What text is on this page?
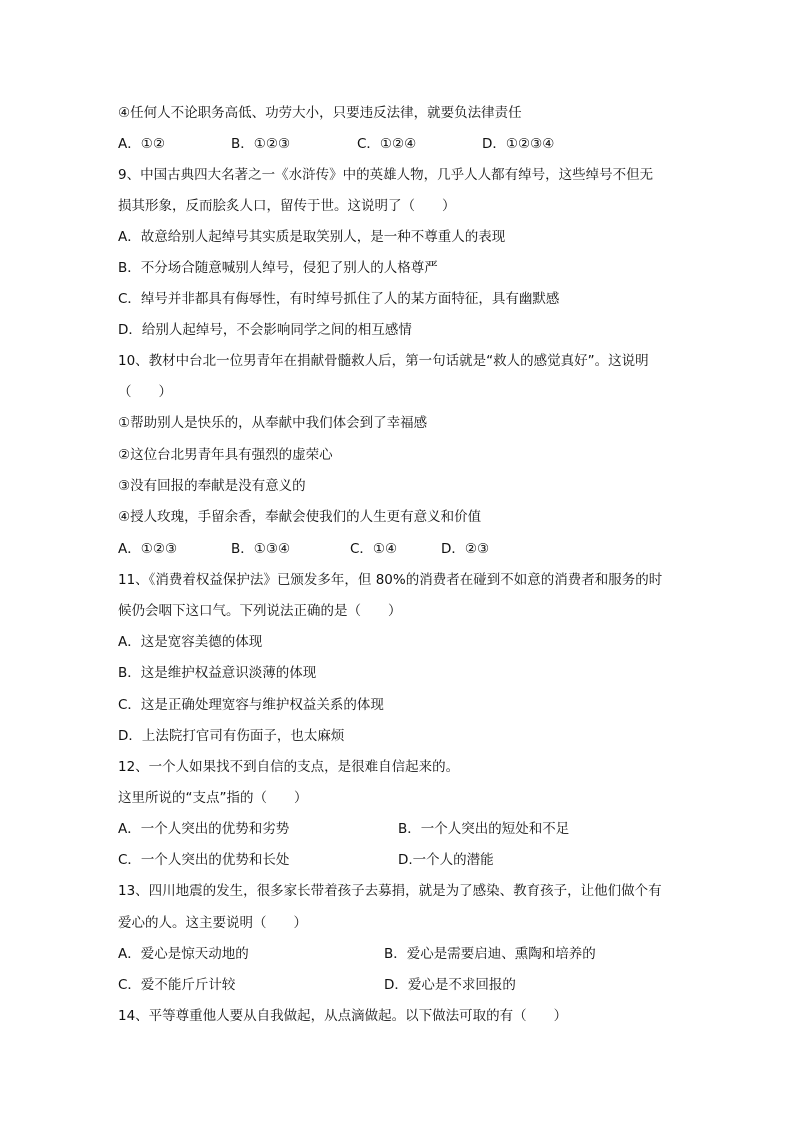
④任何人不论职务高低、功劳大小，只要违反法律，就要负法律责任
A．①②	B．①②③	C．①②④	D．①②③④
9、中国古典四大名著之一《水浒传》中的英雄人物，几乎人人都有绰号，这些绰号不但无
损其形象，反而脍炙人口，留传于世。这说明了（　　）
A．故意给别人起绰号其实质是取笑别人，是一种不尊重人的表现
B．不分场合随意喊别人绰号，侵犯了别人的人格尊严
C．绰号并非都具有侮辱性，有时绰号抓住了人的某方面特征，具有幽默感
D．给别人起绰号，不会影响同学之间的相互感情
10、教材中台北一位男青年在捐献骨髓救人后，第一句话就是“救人的感觉真好”。这说明
（　　）
①帮助别人是快乐的，从奉献中我们体会到了幸福感
②这位台北男青年具有强烈的虚荣心
③没有回报的奉献是没有意义的
④授人玫瑰，手留余香，奉献会使我们的人生更有意义和价值
A．①②③	B．①③④	C．①④	D．②③
11、《消费着权益保护法》已颁发多年，但 80%的消费者在碰到不如意的消费者和服务的时
候仍会咽下这口气。下列说法正确的是（　　）
A．这是宽容美德的体现
B．这是维护权益意识淡薄的体现
C．这是正确处理宽容与维护权益关系的体现
D．上法院打官司有伤面子，也太麻烦
12、一个人如果找不到自信的支点，是很难自信起来的。
这里所说的“支点”指的（　　）
A．一个人突出的优势和劣势	B．一个人突出的短处和不足
C．一个人突出的优势和长处	D.一个人的潜能
13、四川地震的发生，很多家长带着孩子去募捐，就是为了感染、教育孩子，让他们做个有
爱心的人。这主要说明（　　）
A．爱心是惊天动地的	B．爱心是需要启迪、熏陶和培养的
C．爱不能斤斤计较	D．爱心是不求回报的
14、平等尊重他人要从自我做起，从点滴做起。以下做法可取的有（　　）
